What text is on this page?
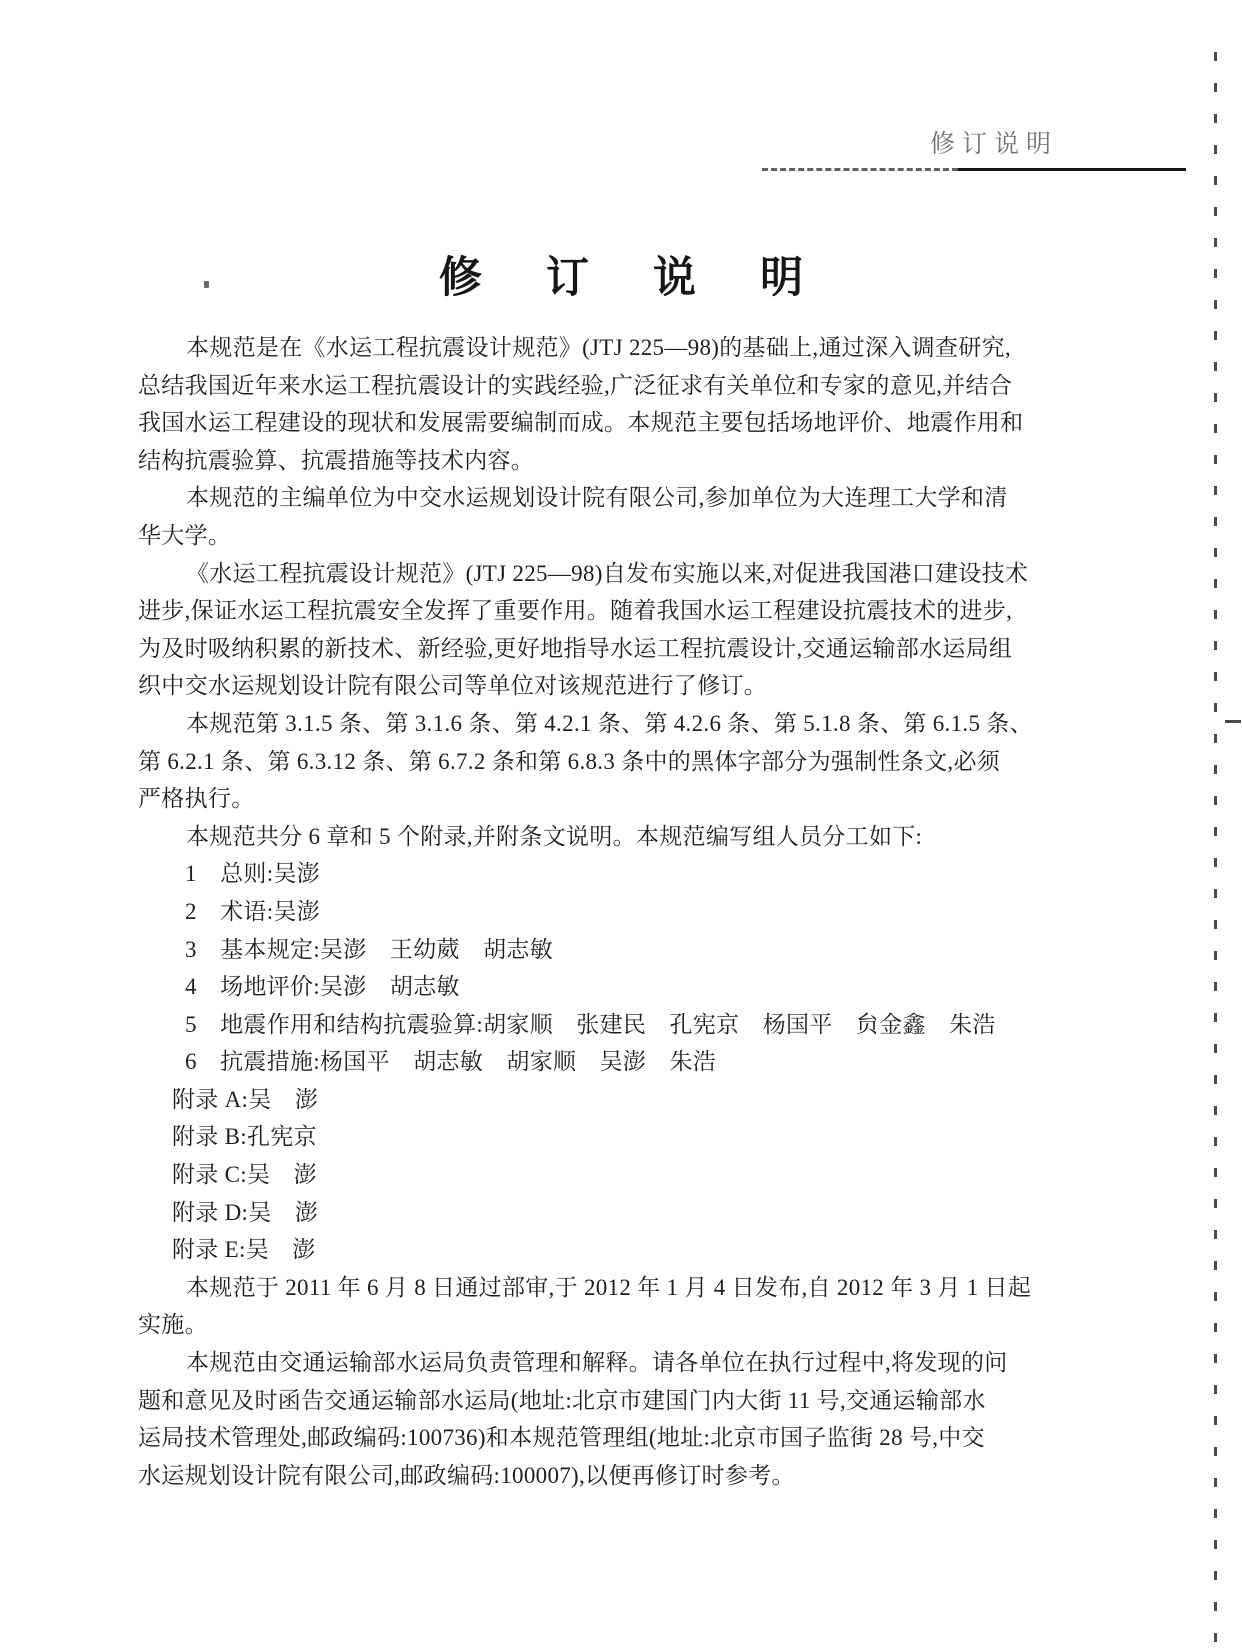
修订说明
修 订 说 明
本规范是在《水运工程抗震设计规范》(JTJ 225—98)的基础上,通过深入调查研究,
总结我国近年来水运工程抗震设计的实践经验,广泛征求有关单位和专家的意见,并结合
我国水运工程建设的现状和发展需要编制而成。本规范主要包括场地评价、地震作用和
结构抗震验算、抗震措施等技术内容。
本规范的主编单位为中交水运规划设计院有限公司,参加单位为大连理工大学和清
华大学。
《水运工程抗震设计规范》(JTJ 225—98)自发布实施以来,对促进我国港口建设技术
进步,保证水运工程抗震安全发挥了重要作用。随着我国水运工程建设抗震技术的进步,
为及时吸纳积累的新技术、新经验,更好地指导水运工程抗震设计,交通运输部水运局组
织中交水运规划设计院有限公司等单位对该规范进行了修订。
本规范第 3.1.5 条、第 3.1.6 条、第 4.2.1 条、第 4.2.6 条、第 5.1.8 条、第 6.1.5 条、
第 6.2.1 条、第 6.3.12 条、第 6.7.2 条和第 6.8.3 条中的黑体字部分为强制性条文,必须
严格执行。
本规范共分 6 章和 5 个附录,并附条文说明。本规范编写组人员分工如下:
1　总则:吴澎
2　术语:吴澎
3　基本规定:吴澎　王幼葳　胡志敏
4　场地评价:吴澎　胡志敏
5　地震作用和结构抗震验算:胡家顺　张建民　孔宪京　杨国平　贠金鑫　朱浩
6　抗震措施:杨国平　胡志敏　胡家顺　吴澎　朱浩
附录 A:吴　澎
附录 B:孔宪京
附录 C:吴　澎
附录 D:吴　澎
附录 E:吴　澎
本规范于 2011 年 6 月 8 日通过部审,于 2012 年 1 月 4 日发布,自 2012 年 3 月 1 日起
实施。
本规范由交通运输部水运局负责管理和解释。请各单位在执行过程中,将发现的问
题和意见及时函告交通运输部水运局(地址:北京市建国门内大街 11 号,交通运输部水
运局技术管理处,邮政编码:100736)和本规范管理组(地址:北京市国子监街 28 号,中交
水运规划设计院有限公司,邮政编码:100007),以便再修订时参考。
